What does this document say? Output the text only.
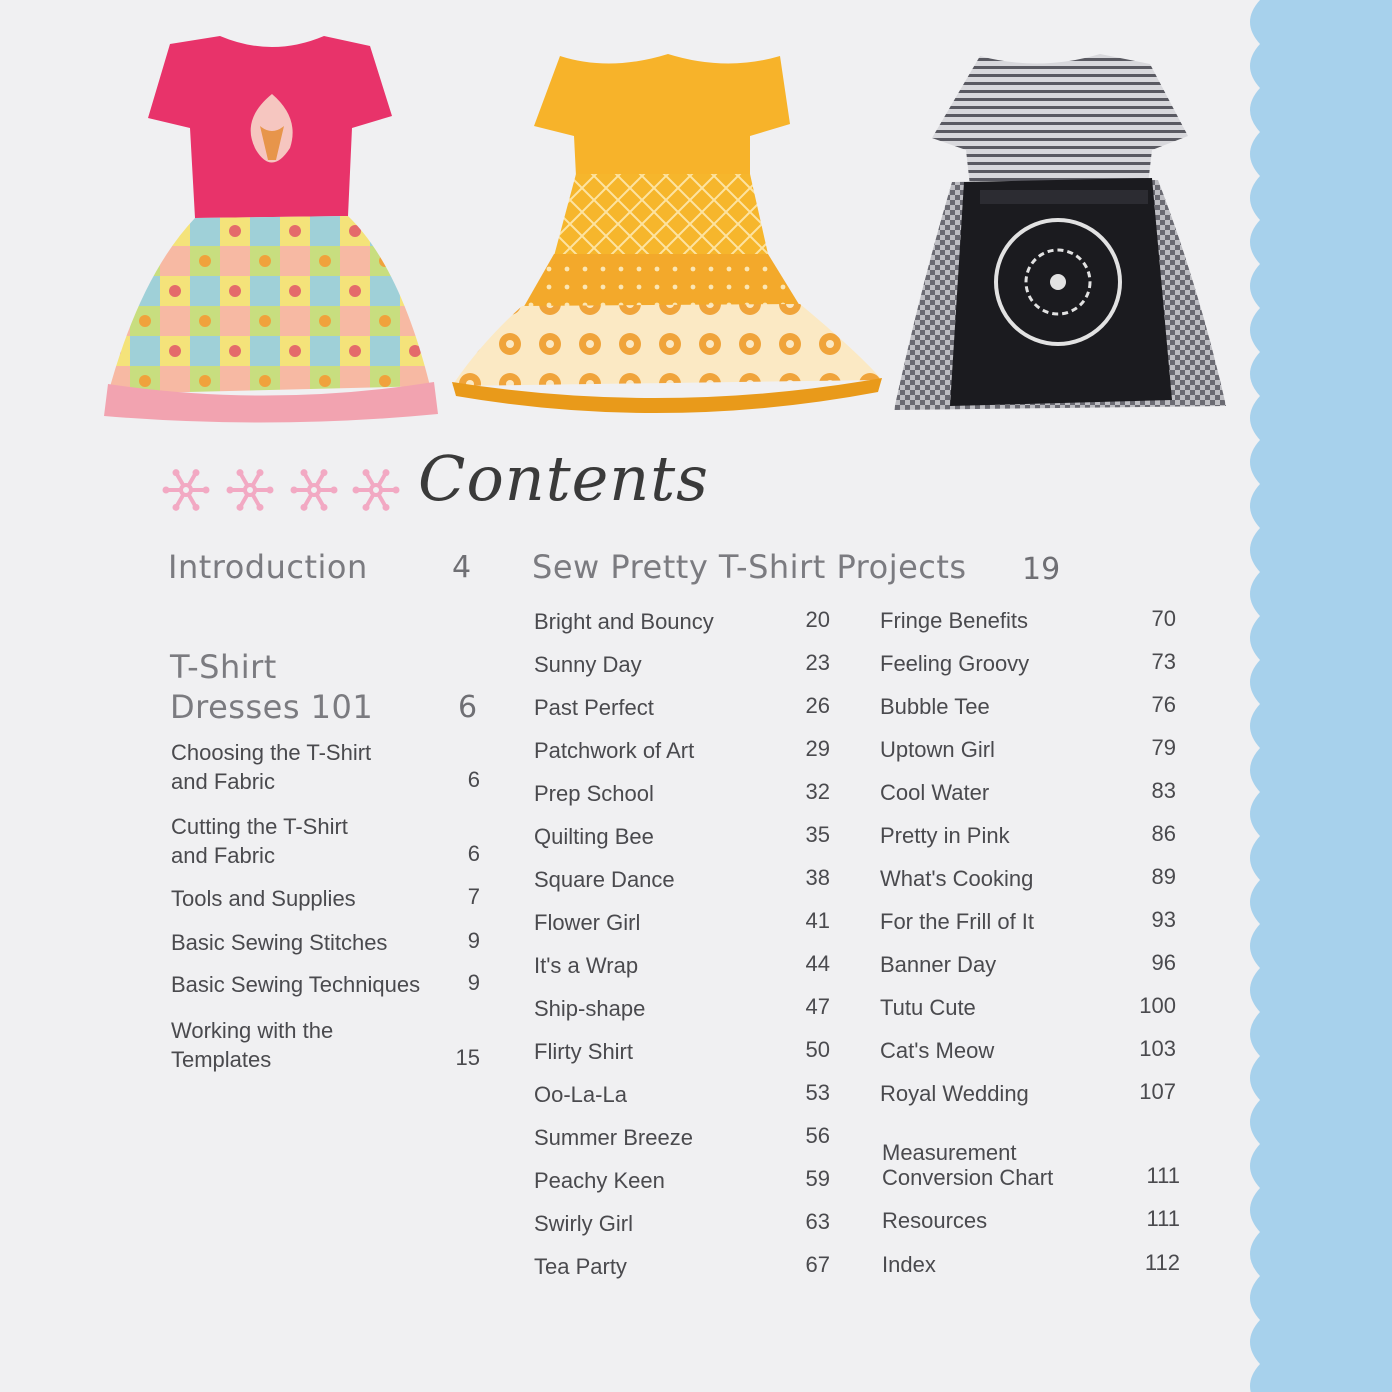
Contents
Introduction	4
T-Shirt
Dresses 101	6
Choosing the T-Shirt
and Fabric	6
Cutting the T-Shirt
and Fabric	6
Tools and Supplies	7
Basic Sewing Stitches	9
Basic Sewing Techniques	9
Working with the
Templates	15
Sew Pretty T-Shirt Projects 19
Bright and Bouncy	20
Sunny Day	23
Past Perfect	26
Patchwork of Art	29
Prep School	32
Quilting Bee	35
Square Dance	38
Flower Girl	41
It's a Wrap	44
Ship-shape	47
Flirty Shirt	50
Oo-La-La	53
Summer Breeze	56
Peachy Keen	59
Swirly Girl	63
Tea Party	67
Fringe Benefits	70
Feeling Groovy	73
Bubble Tee	76
Uptown Girl	79
Cool Water	83
Pretty in Pink	86
What's Cooking	89
For the Frill of It	93
Banner Day	96
Tutu Cute	100
Cat's Meow	103
Royal Wedding	107
Measurement
Conversion Chart	111
Resources	111
Index	112
